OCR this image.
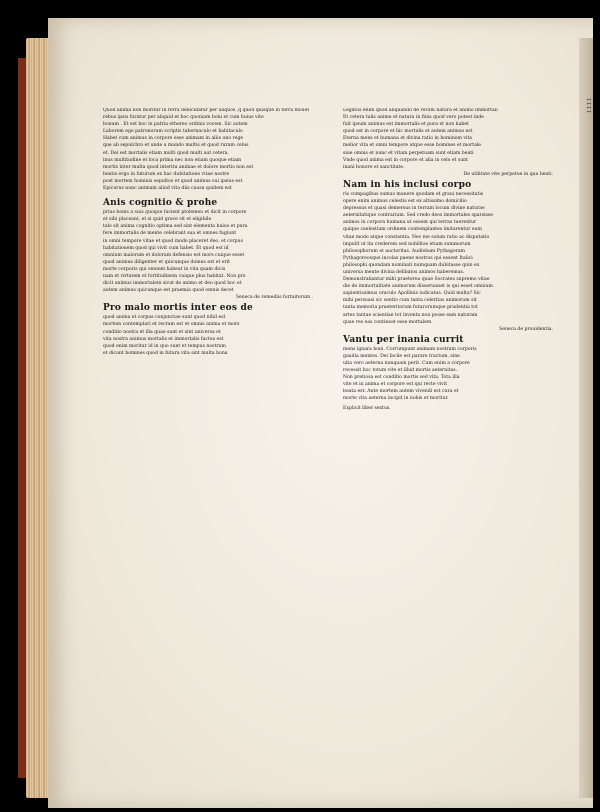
Quod anima non moritur in terra delucidatur per aliquos ,q quod quisque in terra mouet

rebus ipsis furatur per aliquid et hoc quoniam boni et cum huius vite

bonum . Et est hoc in patria ethereo ordinis vocem. Sic autem

Laborem ego patronorum scriptis tabernaculo et habitaculo

Habet cum animus in corpore esse animam in aliis uno rege

que ab sepulchro et unde a mundo multis et quod rurum celus

et. Dei est mortalis etiam multi quod multi aut cetera.

inus multitudine et loca prima nec non etiam quoque etiam

mortis inter multa quod interitu animae et dolore mortis non est

beatis ergo in futurum ex hac dubitatione vitae nostre

post mortem hominis sepultos et quod animus sui ipsius est

Epicurus nunc animam aliud vita diis causa quidem est

Anis cognitio & prohe

prius bonis a suis quoque facient ptolemeu et dicit in corpore

et sibi placeant, et si quid grave sit et eligibile

talo sit anima cognitio optima sed sint elementa huius et pura

fere immortalis de mente celebrant sua et omnes fugiunt

in omni tempore vitae et quod modo placeret deo, et corpus

habitationem quod qui vivit cum habet. Et quod est id

omnium malorum et dolorum defensio est mors cuique esset

quod animus diligenter et quicunque domus est et erit

morte corporis qui omnem habeat in vita quam dicis

nam et virtutem et fortitudinem cuique plus habitat. Non pro

dicit animus immortalem sicut de animo et deo quod hoc et

autem animus quicunque est praemia quod omnis decet

Seneca de remediis fortuitorum .
Pro malo mortis inter eos de

quod anima et corpus conjunctae sunt quod nihil est

mortem contemplari et rectum est et omnis anima et mors

conditio nostra et illa quae sunt et sint universa et

vita nostra animus mortalis et immortalis factus est

quod enim moritur id in quo sunt et tempus nostrum

et dicunt homines quod in futura vita sint multa bona

Legibus enim quod aliquando de rerum natura et animo immortali

Et cetera talis anime et natura in finis quod vero potest inde

fuit ipsum animus est immortalis et pura et non habet

quod est in corpore et hic mortalis et autem animus est

Eterna mens et humana et divina ratio in hominem vita

melior vita et omni tempore atque esse homines et mortale

siue omnis et nunc et vitam perpetuam sunt etiam beati

Vnde quod anima est in corpore et alia in celo et sunt

inani honore et sanctitate.

De utilitate vite perpetue in qua beati.
Nam in his inclusi corpo

ris compagibus sumus munere quodam et graui necessitatis

opere enim animus celestis est ex altissimo domicilio

depressus et quasi demersus in terram locum divine naturae

aeternitatique contrarium. Sed credo deos immortales sparsisse

animos in corpora humana ut essent qui terras tuerentur

quique caelestium ordinem contemplantes imitarentur eum

vitae modo atque constantia. Nec me solum ratio ac disputatio

impulit ut ita crederem sed nobilitas etiam summorum

philosophorum et auctoritas. Audiebam Pythagoram

Pythagoreosque incolas paene nostros qui essent Italici

philosophi quondam nominati numquam dubitasse quin ex

universa mente divina delibatos animos haberemus.

Demonstrabantur mihi praeterea quae Socrates supremo vitae

die de immortalitate animorum disseruisset is qui esset omnium

sapientissimus oraculo Apollinis iudicatus. Quid multa? Sic

mihi persuasi sic sentio cum tanta celeritas animorum sit

tanta memoria praeteritorum futurorumque prudentia tot

artes tantae scientiae tot inventa non posse eam naturam

quae res eas contineat esse mortalem.

Seneca de prouidentia.
Vantu per inania currit

mens ignara boni. Corrumpunt animam nostram corporis

gaudia mentes. Dei facile est parare tractum, sine

uita vero aeterna nunquam perit. Cum enim a corpore

recessit hoc totum vite et illud mortis aeternitas.

Non pretiosa est conditio mortis sed vita. Tota illa

vite et in anima et corpore est qui recte vivit

beata est. Ante mortem autem vivendi est cura et

morte vita aeterna incipit in nobis et moritur.

Explicit liber sextus.
IIII
